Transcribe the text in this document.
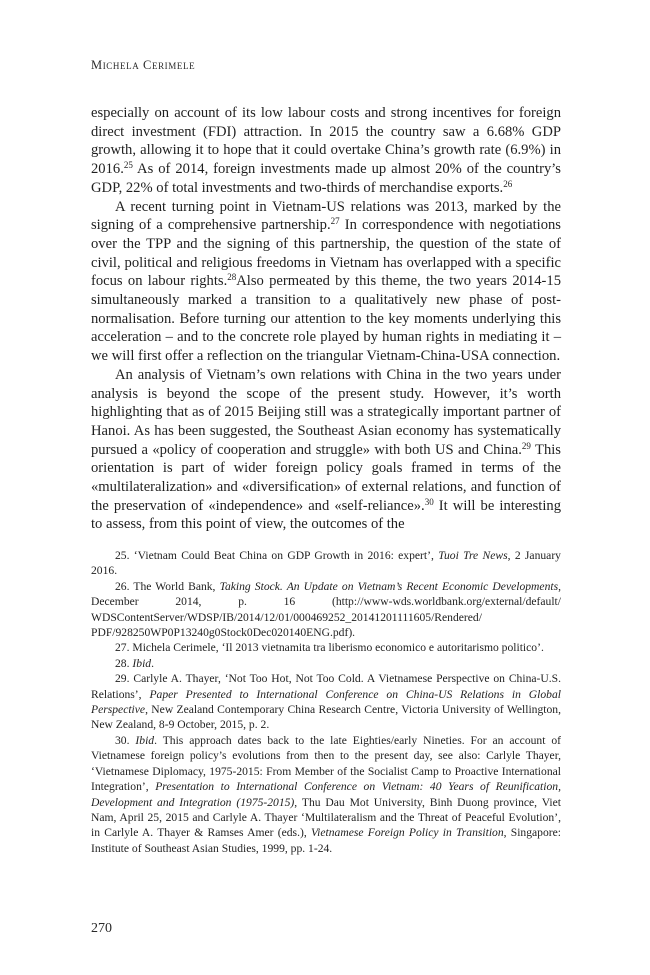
Michela Cerimele

especially on account of its low labour costs and strong incentives for foreign direct investment (FDI) attraction. In 2015 the country saw a 6.68% GDP growth, allowing it to hope that it could overtake China’s growth rate (6.9%) in 2016.25 As of 2014, foreign investments made up almost 20% of the country’s GDP, 22% of total investments and two-thirds of merchandise exports.$^{26}$

A recent turning point in Vietnam-US relations was 2013, marked by the signing of a comprehensive partnership.$^{27}$ In correspondence with negotiations over the TPP and the signing of this partnership, the question of the state of civil, political and religious freedoms in Vietnam has overlapped with a specific focus on labour rights.$^{28}$Also permeated by this theme, the two years 2014-15 simultaneously marked a transition to a qualitatively new phase of post-normalisation. Before turning our attention to the key moments underlying this acceleration – and to the concrete role played by human rights in mediating it – we will first offer a reflection on the triangular Vietnam-China-USA connection.

An analysis of Vietnam’s own relations with China in the two years under analysis is beyond the scope of the present study. However, it’s worth highlighting that as of 2015 Beijing still was a strategically important partner of Hanoi. As has been suggested, the Southeast Asian economy has systematically pursued a «policy of cooperation and struggle» with both US and China.$^{29}$ This orientation is part of wider foreign policy goals framed in terms of the «multilateralization» and «diversification» of external relations, and function of the preservation of «independence» and «self-reliance».$^{30}$ It will be interesting to assess, from this point of view, the outcomes of the

25. ‘Vietnam Could Beat China on GDP Growth in 2016: expert’, Tuoi Tre News, 2 January 2016.

26. The World Bank, Taking Stock. An Update on Vietnam’s Recent Economic Developments, December 2014, p. 16 (http://www-wds.worldbank.org/external/default/ WDSContentServer/WDSP/IB/2014/12/01/000469252_20141201111605/Rendered/ PDF/928250WP0P13240g0Stock0Dec020140ENG.pdf).

27. Michela Cerimele, ‘Il 2013 vietnamita tra liberismo economico e autoritarismo politico’.

28. Ibid.

29. Carlyle A. Thayer, ‘Not Too Hot, Not Too Cold. A Vietnamese Perspective on China-U.S. Relations’, Paper Presented to International Conference on China-US Relations in Global Perspective, New Zealand Contemporary China Research Centre, Victoria University of Wellington, New Zealand, 8-9 October, 2015, p. 2.

30. Ibid. This approach dates back to the late Eighties/early Nineties. For an account of Vietnamese foreign policy’s evolutions from then to the present day, see also: Carlyle Thayer, ‘Vietnamese Diplomacy, 1975-2015: From Member of the Socialist Camp to Proactive International Integration’, Presentation to International Conference on Vietnam: 40 Years of Reunification, Development and Integration (1975-2015), Thu Dau Mot University, Binh Duong province, Viet Nam, April 25, 2015 and Carlyle A. Thayer ‘Multilateralism and the Threat of Peaceful Evolution’, in Carlyle A. Thayer & Ramses Amer (eds.), Vietnamese Foreign Policy in Transition, Singapore: Institute of Southeast Asian Studies, 1999, pp. 1-24.

270
